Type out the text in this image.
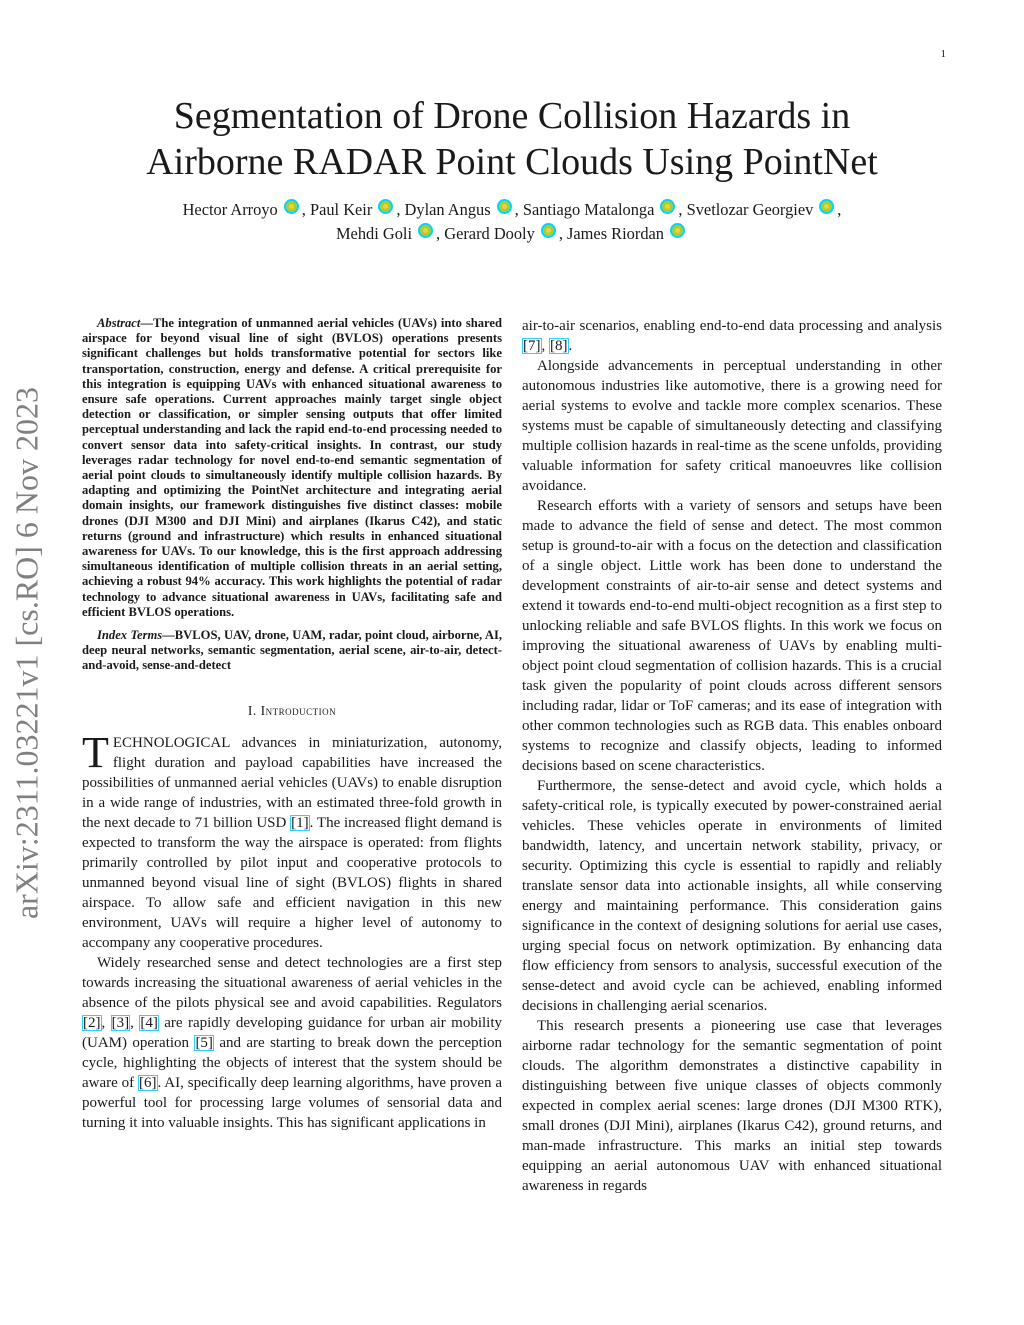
1
arXiv:2311.03221v1 [cs.RO] 6 Nov 2023
Segmentation of Drone Collision Hazards in
Airborne RADAR Point Clouds Using PointNet
Hector Arroyo , Paul Keir , Dylan Angus , Santiago Matalonga , Svetlozar Georgiev ,
Mehdi Goli , Gerard Dooly , James Riordan

Abstract—The integration of unmanned aerial vehicles (UAVs) into shared airspace for beyond visual line of sight (BVLOS) operations presents significant challenges but holds transformative potential for sectors like transportation, construction, energy and defense. A critical prerequisite for this integration is equipping UAVs with enhanced situational awareness to ensure safe operations. Current approaches mainly target single object detection or classification, or simpler sensing outputs that offer limited perceptual understanding and lack the rapid end-to-end processing needed to convert sensor data into safety-critical insights. In contrast, our study leverages radar technology for novel end-to-end semantic segmentation of aerial point clouds to simultaneously identify multiple collision hazards. By adapting and optimizing the PointNet architecture and integrating aerial domain insights, our framework distinguishes five distinct classes: mobile drones (DJI M300 and DJI Mini) and airplanes (Ikarus C42), and static returns (ground and infrastructure) which results in enhanced situational awareness for UAVs. To our knowledge, this is the first approach addressing simultaneous identification of multiple collision threats in an aerial setting, achieving a robust 94% accuracy. This work highlights the potential of radar technology to advance situational awareness in UAVs, facilitating safe and efficient BVLOS operations.

Index Terms—BVLOS, UAV, drone, UAM, radar, point cloud, airborne, AI, deep neural networks, semantic segmentation, aerial scene, air-to-air, detect-and-avoid, sense-and-detect

I. Introduction

TECHNOLOGICAL advances in miniaturization, autonomy, flight duration and payload capabilities have increased the possibilities of unmanned aerial vehicles (UAVs) to enable disruption in a wide range of industries, with an estimated three-fold growth in the next decade to 71 billion USD [1]. The increased flight demand is expected to transform the way the airspace is operated: from flights primarily controlled by pilot input and cooperative protocols to unmanned beyond visual line of sight (BVLOS) flights in shared airspace. To allow safe and efficient navigation in this new environment, UAVs will require a higher level of autonomy to accompany any cooperative procedures.

Widely researched sense and detect technologies are a first step towards increasing the situational awareness of aerial vehicles in the absence of the pilots physical see and avoid capabilities. Regulators [2], [3], [4] are rapidly developing guidance for urban air mobility (UAM) operation [5] and are starting to break down the perception cycle, highlighting the objects of interest that the system should be aware of [6]. AI, specifically deep learning algorithms, have proven a powerful tool for processing large volumes of sensorial data and turning it into valuable insights. This has significant applications in

air-to-air scenarios, enabling end-to-end data processing and analysis [7], [8].

Alongside advancements in perceptual understanding in other autonomous industries like automotive, there is a growing need for aerial systems to evolve and tackle more complex scenarios. These systems must be capable of simultaneously detecting and classifying multiple collision hazards in real-time as the scene unfolds, providing valuable information for safety critical manoeuvres like collision avoidance.

Research efforts with a variety of sensors and setups have been made to advance the field of sense and detect. The most common setup is ground-to-air with a focus on the detection and classification of a single object. Little work has been done to understand the development constraints of air-to-air sense and detect systems and extend it towards end-to-end multi-object recognition as a first step to unlocking reliable and safe BVLOS flights. In this work we focus on improving the situational awareness of UAVs by enabling multi-object point cloud segmentation of collision hazards. This is a crucial task given the popularity of point clouds across different sensors including radar, lidar or ToF cameras; and its ease of integration with other common technologies such as RGB data. This enables onboard systems to recognize and classify objects, leading to informed decisions based on scene characteristics.

Furthermore, the sense-detect and avoid cycle, which holds a safety-critical role, is typically executed by power-constrained aerial vehicles. These vehicles operate in environments of limited bandwidth, latency, and uncertain network stability, privacy, or security. Optimizing this cycle is essential to rapidly and reliably translate sensor data into actionable insights, all while conserving energy and maintaining performance. This consideration gains significance in the context of designing solutions for aerial use cases, urging special focus on network optimization. By enhancing data flow efficiency from sensors to analysis, successful execution of the sense-detect and avoid cycle can be achieved, enabling informed decisions in challenging aerial scenarios.

This research presents a pioneering use case that leverages airborne radar technology for the semantic segmentation of point clouds. The algorithm demonstrates a distinctive capability in distinguishing between five unique classes of objects commonly expected in complex aerial scenes: large drones (DJI M300 RTK), small drones (DJI Mini), airplanes (Ikarus C42), ground returns, and man-made infrastructure. This marks an initial step towards equipping an aerial autonomous UAV with enhanced situational awareness in regards
